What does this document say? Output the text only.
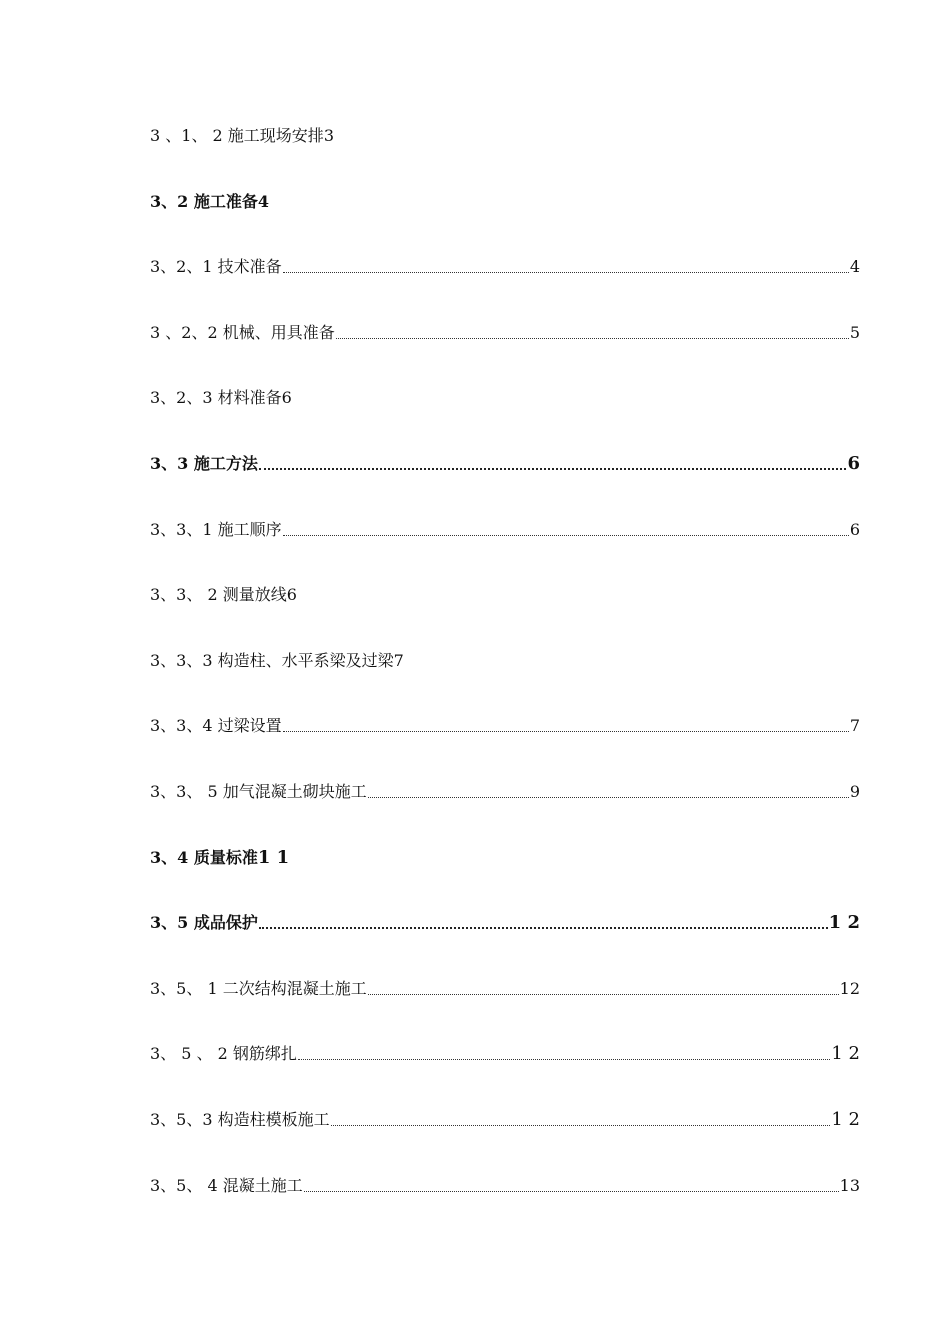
3 、1、 2 施工现场安排 3
3、2 施工准备 4
3、2、1 技术准备	4
3 、2、2 机械、用具准备	5
3、2、3 材料准备 6
3、3 施工方法	6
3、3、1 施工顺序	6
3、3、 2 测量放线 6
3、3、3 构造柱、水平系梁及过梁 7
3、3、4 过梁设置	7
3、3、 5 加气混凝土砌块施工	9
3、4 质量标准 1 1
3、5 成品保护	1 2
3、5、 1 二次结构混凝土施工	12
3、 5 、 2 钢筋绑扎	1 2
3、5、3 构造柱模板施工	1 2
3、5、 4 混凝土施工	13
